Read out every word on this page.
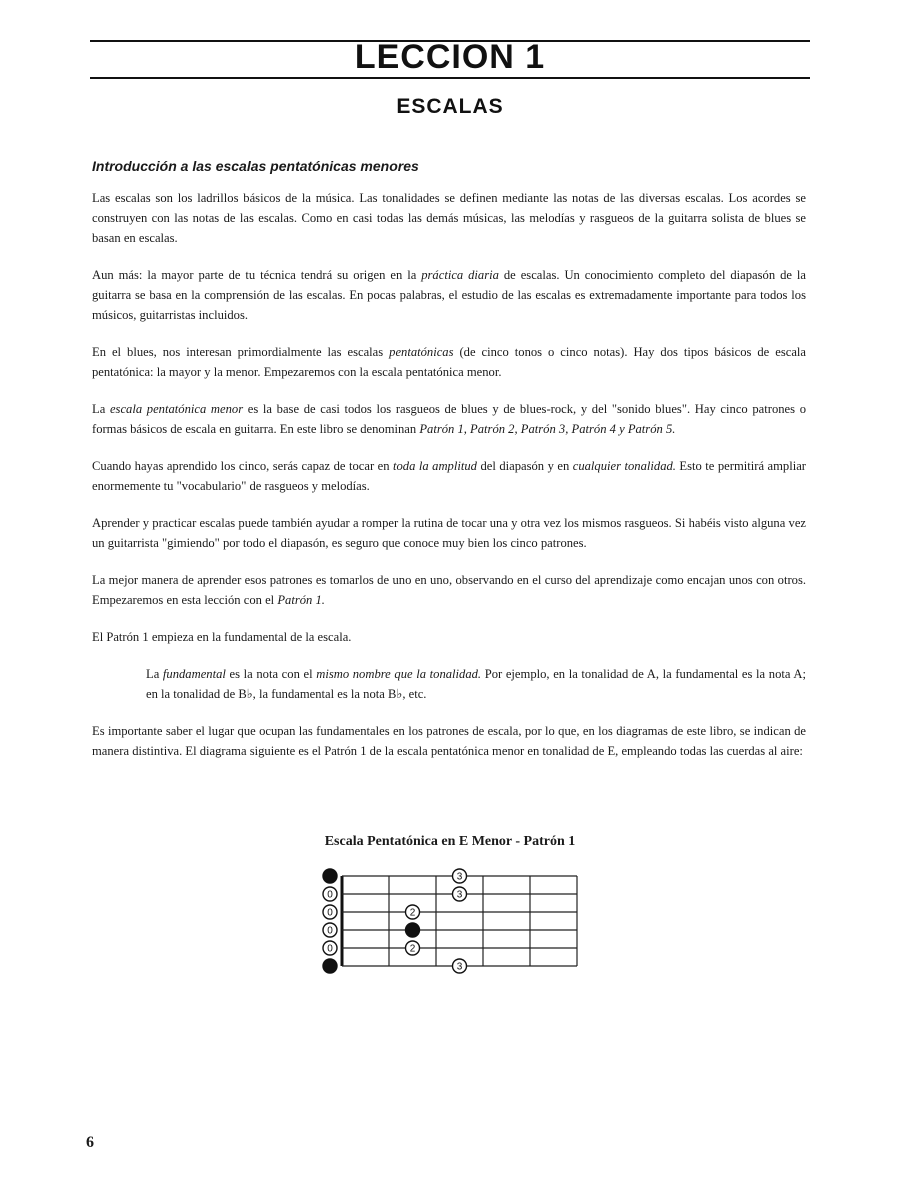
LECCION 1
ESCALAS
Introducción a las escalas pentatónicas menores

Las escalas son los ladrillos básicos de la música. Las tonalidades se definen mediante las notas de las diversas escalas. Los acordes se construyen con las notas de las escalas. Como en casi todas las demás músicas, las melodías y rasgueos de la guitarra solista de blues se basan en escalas.

Aun más: la mayor parte de tu técnica tendrá su origen en la práctica diaria de escalas. Un conocimiento completo del diapasón de la guitarra se basa en la comprensión de las escalas. En pocas palabras, el estudio de las escalas es extremadamente importante para todos los músicos, guitarristas incluidos.

En el blues, nos interesan primordialmente las escalas pentatónicas (de cinco tonos o cinco notas). Hay dos tipos básicos de escala pentatónica: la mayor y la menor. Empezaremos con la escala pentatónica menor.

La escala pentatónica menor es la base de casi todos los rasgueos de blues y de blues-rock, y del "sonido blues". Hay cinco patrones o formas básicos de escala en guitarra. En este libro se denominan Patrón 1, Patrón 2, Patrón 3, Patrón 4 y Patrón 5.

Cuando hayas aprendido los cinco, serás capaz de tocar en toda la amplitud del diapasón y en cualquier tonalidad. Esto te permitirá ampliar enormemente tu "vocabulario" de rasgueos y melodías.

Aprender y practicar escalas puede también ayudar a romper la rutina de tocar una y otra vez los mismos rasgueos. Si habéis visto alguna vez un guitarrista "gimiendo" por todo el diapasón, es seguro que conoce muy bien los cinco patrones.

La mejor manera de aprender esos patrones es tomarlos de uno en uno, observando en el curso del aprendizaje como encajan unos con otros. Empezaremos en esta lección con el Patrón 1.

El Patrón 1 empieza en la fundamental de la escala.

La fundamental es la nota con el mismo nombre que la tonalidad. Por ejemplo, en la tonalidad de A, la fundamental es la nota A; en la tonalidad de B♭, la fundamental es la nota B♭, etc.

Es importante saber el lugar que ocupan las fundamentales en los patrones de escala, por lo que, en los diagramas de este libro, se indican de manera distintiva. El diagrama siguiente es el Patrón 1 de la escala pentatónica menor en tonalidad de E, empleando todas las cuerdas al aire:

Escala Pentatónica en E Menor - Patrón 1
0
0
0
0
3
3
2
2
3
6
